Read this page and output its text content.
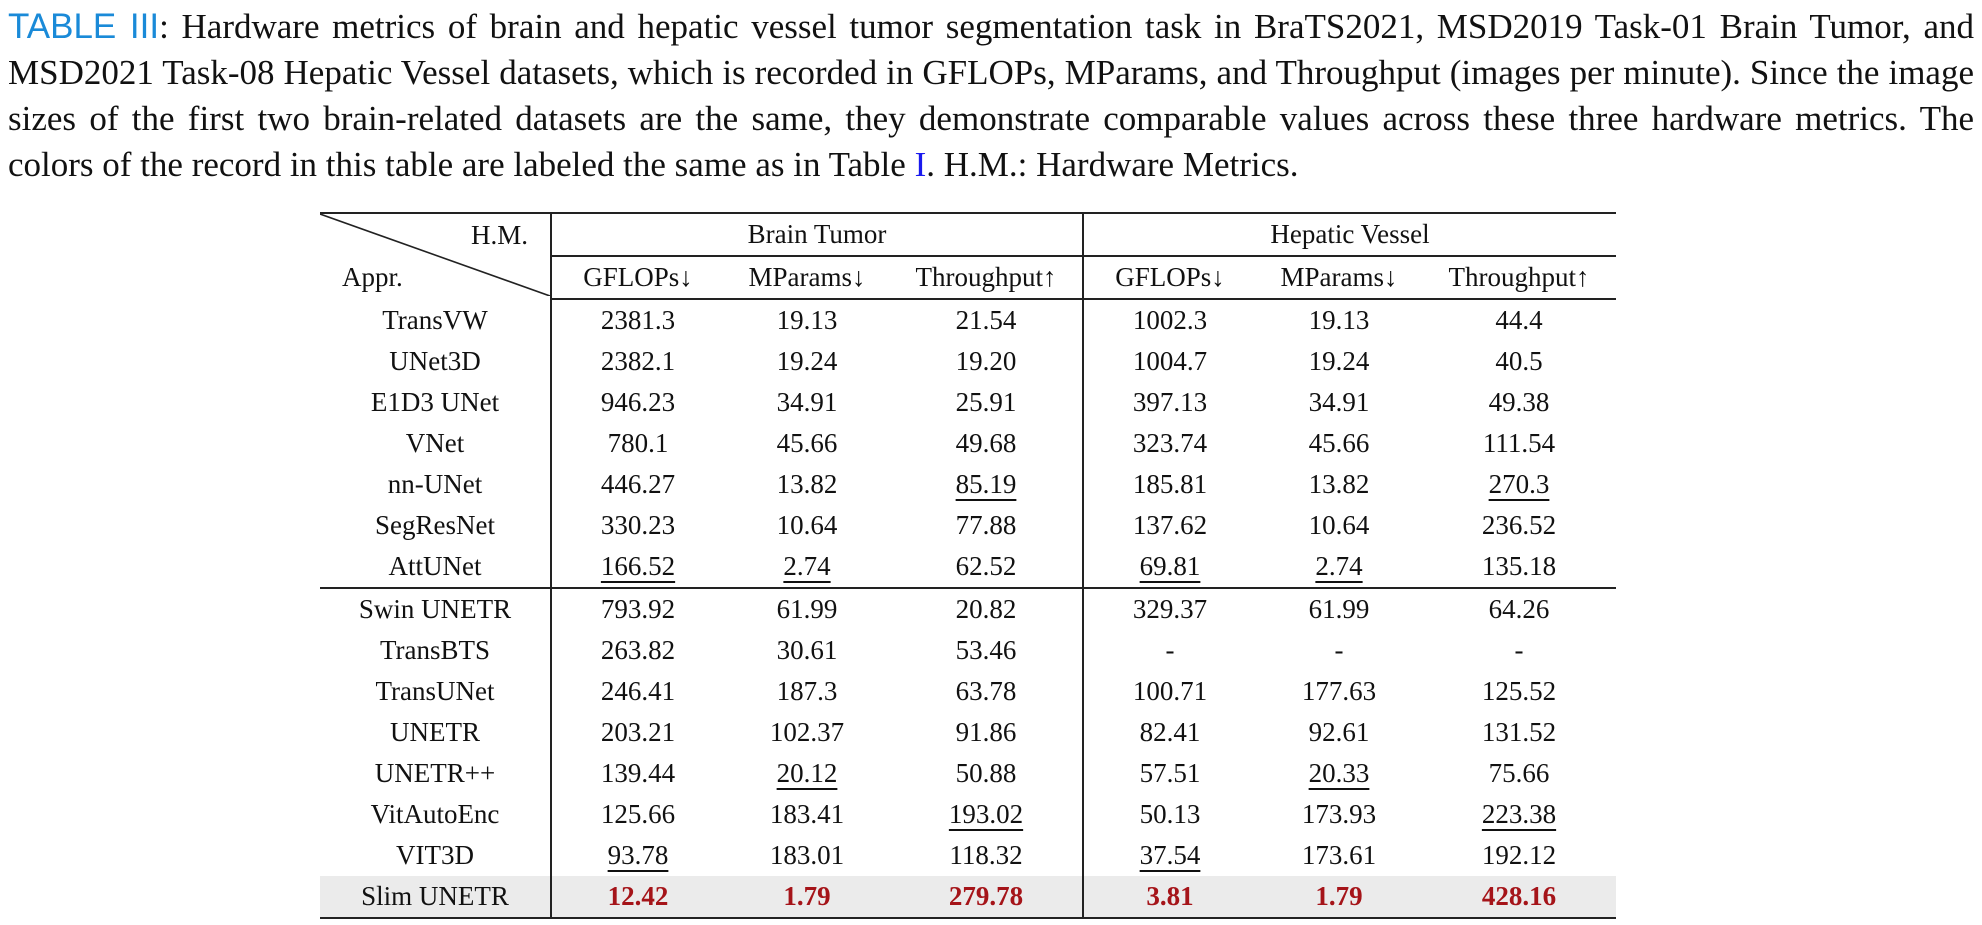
TABLE III: Hardware metrics of brain and hepatic vessel tumor segmentation task in BraTS2021, MSD2019 Task-01 Brain Tumor, and MSD2021 Task-08 Hepatic Vessel datasets, which is recorded in GFLOPs, MParams, and Throughput (images per minute). Since the image sizes of the first two brain-related datasets are the same, they demonstrate comparable values across these three hardware metrics. The colors of the record in this table are labeled the same as in Table I. H.M.: Hardware Metrics.
H.M.
Appr.	Brain Tumor			Hepatic Vessel		
	GFLOPs↓	MParams↓	Throughput↑	GFLOPs↓	MParams↓	Throughput↑
TransVW	2381.3	19.13	21.54	1002.3	19.13	44.4
UNet3D	2382.1	19.24	19.20	1004.7	19.24	40.5
E1D3 UNet	946.23	34.91	25.91	397.13	34.91	49.38
VNet	780.1	45.66	49.68	323.74	45.66	111.54
nn-UNet	446.27	13.82	85.19	185.81	13.82	270.3
SegResNet	330.23	10.64	77.88	137.62	10.64	236.52
AttUNet	166.52	2.74	62.52	69.81	2.74	135.18
Swin UNETR	793.92	61.99	20.82	329.37	61.99	64.26
TransBTS	263.82	30.61	53.46	-	-	-
TransUNet	246.41	187.3	63.78	100.71	177.63	125.52
UNETR	203.21	102.37	91.86	82.41	92.61	131.52
UNETR++	139.44	20.12	50.88	57.51	20.33	75.66
VitAutoEnc	125.66	183.41	193.02	50.13	173.93	223.38
VIT3D	93.78	183.01	118.32	37.54	173.61	192.12
Slim UNETR	12.42	1.79	279.78	3.81	1.79	428.16
